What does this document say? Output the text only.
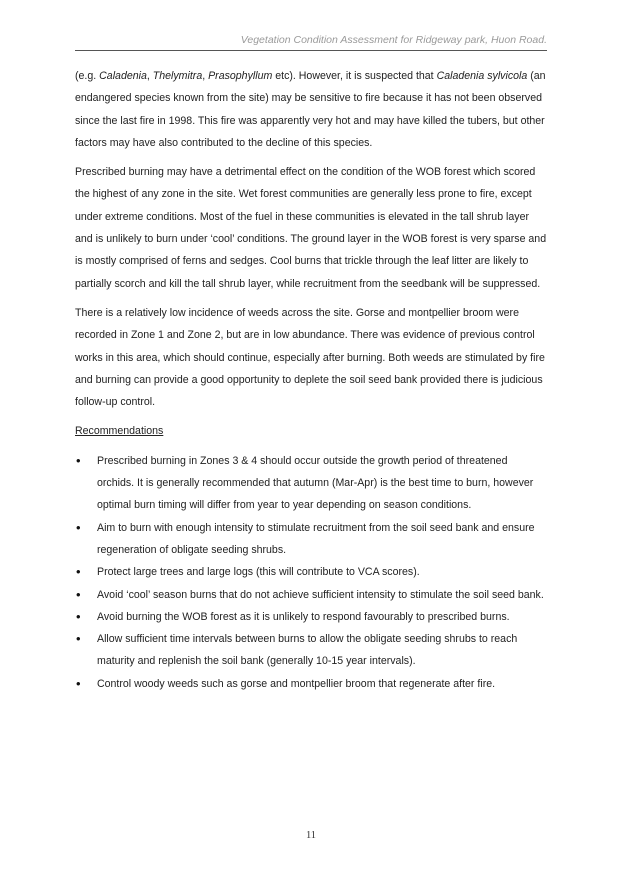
Vegetation Condition Assessment for Ridgeway park, Huon Road.

(e.g. Caladenia, Thelymitra, Prasophyllum etc). However, it is suspected that Caladenia sylvicola (an endangered species known from the site) may be sensitive to fire because it has not been observed since the last fire in 1998. This fire was apparently very hot and may have killed the tubers, but other factors may have also contributed to the decline of this species.

Prescribed burning may have a detrimental effect on the condition of the WOB forest which scored the highest of any zone in the site. Wet forest communities are generally less prone to fire, except under extreme conditions. Most of the fuel in these communities is elevated in the tall shrub layer and is unlikely to burn under ‘cool’ conditions. The ground layer in the WOB forest is very sparse and is mostly comprised of ferns and sedges. Cool burns that trickle through the leaf litter are likely to partially scorch and kill the tall shrub layer, while recruitment from the seedbank will be suppressed.

There is a relatively low incidence of weeds across the site. Gorse and montpellier broom were recorded in Zone 1 and Zone 2, but are in low abundance. There was evidence of previous control works in this area, which should continue, especially after burning. Both weeds are stimulated by fire and burning can provide a good opportunity to deplete the soil seed bank provided there is judicious follow-up control.

Recommendations
• Prescribed burning in Zones 3 & 4 should occur outside the growth period of threatened orchids. It is generally recommended that autumn (Mar-Apr) is the best time to burn, however optimal burn timing will differ from year to year depending on season conditions.
• Aim to burn with enough intensity to stimulate recruitment from the soil seed bank and ensure regeneration of obligate seeding shrubs.
• Protect large trees and large logs (this will contribute to VCA scores).
• Avoid ‘cool’ season burns that do not achieve sufficient intensity to stimulate the soil seed bank.
• Avoid burning the WOB forest as it is unlikely to respond favourably to prescribed burns.
• Allow sufficient time intervals between burns to allow the obligate seeding shrubs to reach maturity and replenish the soil bank (generally 10-15 year intervals).
• Control woody weeds such as gorse and montpellier broom that regenerate after fire.
11
